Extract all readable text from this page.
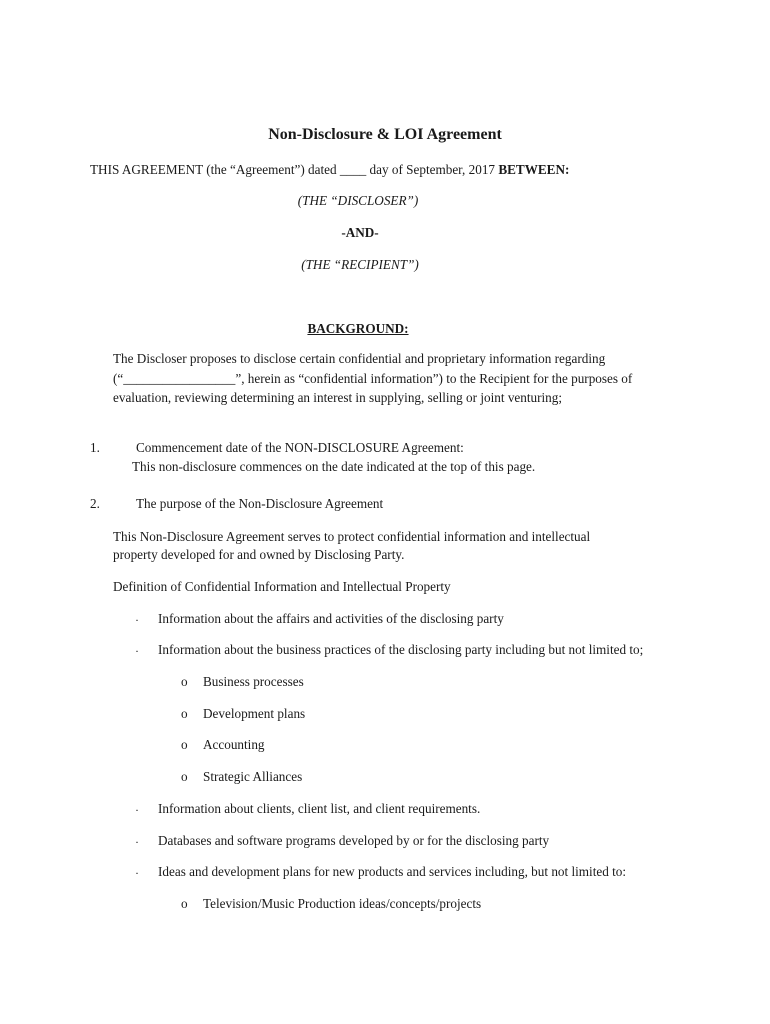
Non-Disclosure & LOI Agreement
THIS AGREEMENT (the “Agreement”) dated ____ day of September, 2017 BETWEEN:
(THE “DISCLOSER”)
-AND-
(THE “RECIPIENT”)
BACKGROUND:
The Discloser proposes to disclose certain confidential and proprietary information regarding
(“_________________”, herein as “confidential information”) to the Recipient for the purposes of
evaluation, reviewing determining an interest in supplying, selling or joint venturing;
1.	Commencement date of the NON-DISCLOSURE Agreement:
This non-disclosure commences on the date indicated at the top of this page.
2.	The purpose of the Non-Disclosure Agreement
This Non-Disclosure Agreement serves to protect confidential information and intellectual
property developed for and owned by Disclosing Party.
Definition of Confidential Information and Intellectual Property
· Information about the affairs and activities of the disclosing party
· Information about the business practices of the disclosing party including but not limited to;
o Business processes
o Development plans
o Accounting
o Strategic Alliances
· Information about clients, client list, and client requirements.
· Databases and software programs developed by or for the disclosing party
· Ideas and development plans for new products and services including, but not limited to:
o Television/Music Production ideas/concepts/projects
